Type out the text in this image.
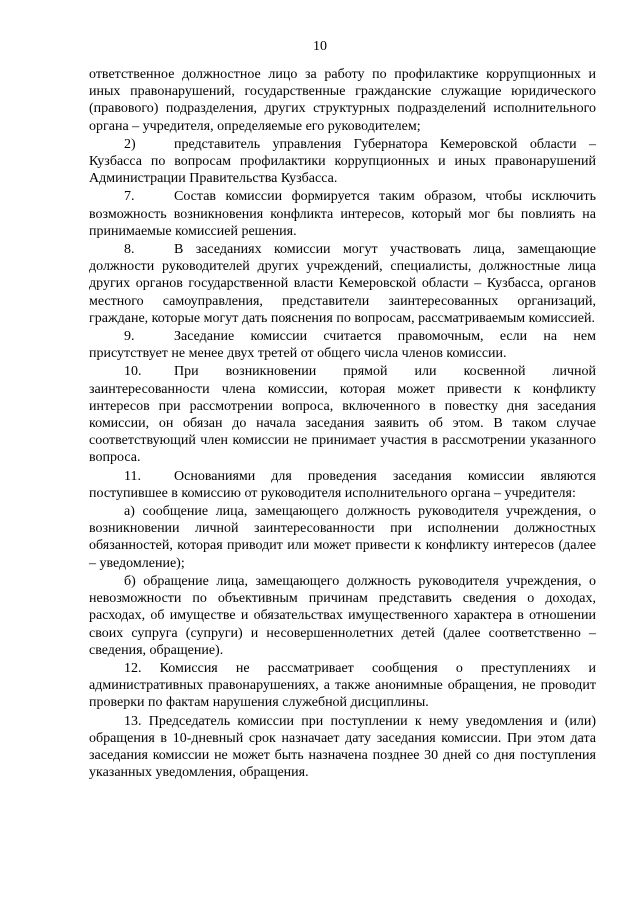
10

ответственное должностное лицо за работу по профилактике коррупционных и иных правонарушений, государственные гражданские служащие юридического (правового) подразделения, других структурных подразделений исполнительного органа – учредителя, определяемые его руководителем;

2)	представитель управления Губернатора Кемеровской области – Кузбасса по вопросам профилактики коррупционных и иных правонарушений Администрации Правительства Кузбасса.

7.	Состав комиссии формируется таким образом, чтобы исключить возможность возникновения конфликта интересов, который мог бы повлиять на принимаемые комиссией решения.

8.	В заседаниях комиссии могут участвовать лица, замещающие должности руководителей других учреждений, специалисты, должностные лица других органов государственной власти Кемеровской области – Кузбасса, органов местного самоуправления, представители заинтересованных организаций, граждане, которые могут дать пояснения по вопросам, рассматриваемым комиссией.

9.	Заседание комиссии считается правомочным, если на нем присутствует не менее двух третей от общего числа членов комиссии.

10. При возникновении прямой или косвенной личной заинтересованности члена комиссии, которая может привести к конфликту интересов при рассмотрении вопроса, включенного в повестку дня заседания комиссии, он обязан до начала заседания заявить об этом. В таком случае соответствующий член комиссии не принимает участия в рассмотрении указанного вопроса.

11. Основаниями для проведения заседания комиссии являются поступившее в комиссию от руководителя исполнительного органа – учредителя:

а) сообщение лица, замещающего должность руководителя учреждения, о возникновении личной заинтересованности при исполнении должностных обязанностей, которая приводит или может привести к конфликту интересов (далее – уведомление);

б) обращение лица, замещающего должность руководителя учреждения, о невозможности по объективным причинам представить сведения о доходах, расходах, об имуществе и обязательствах имущественного характера в отношении своих супруга (супруги) и несовершеннолетних детей (далее соответственно – сведения, обращение).

12. Комиссия не рассматривает сообщения о преступлениях и административных правонарушениях, а также анонимные обращения, не проводит проверки по фактам нарушения служебной дисциплины.

13. Председатель комиссии при поступлении к нему уведомления и (или) обращения в 10-дневный срок назначает дату заседания комиссии. При этом дата заседания комиссии не может быть назначена позднее 30 дней со дня поступления указанных уведомления, обращения.
